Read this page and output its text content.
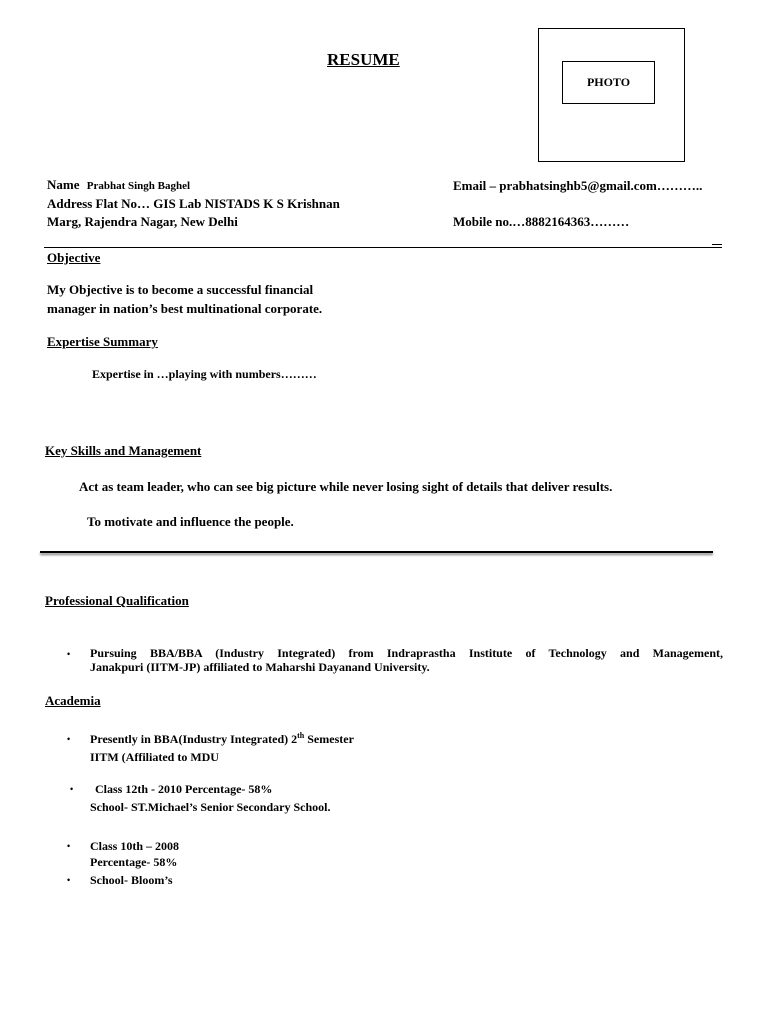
RESUME
PHOTO
Name Prabhat Singh Baghel
Address Flat No… GIS Lab NISTADS K S Krishnan
Marg, Rajendra Nagar, New Delhi
Email – prabhatsinghb5@gmail.com………..
Mobile no.…8882164363………
Objective
My Objective is to become a successful financial
manager in nation’s best multinational corporate.
Expertise Summary
Expertise in …playing with numbers………
Key Skills and Management
Act as team leader, who can see big picture while never losing sight of details that deliver results.
To motivate and influence the people.
Professional Qualification
• Pursuing BBA/BBA (Industry Integrated) from Indraprastha Institute of Technology and Management,
Janakpuri (IITM-JP) affiliated to Maharshi Dayanand University.
Academia
• Presently in BBA(Industry Integrated) 2th Semester
IITM (Affiliated to MDU
• Class 12th - 2010 Percentage- 58%
School- ST.Michael’s Senior Secondary School.
• Class 10th – 2008
Percentage- 58%
• School- Bloom’s
